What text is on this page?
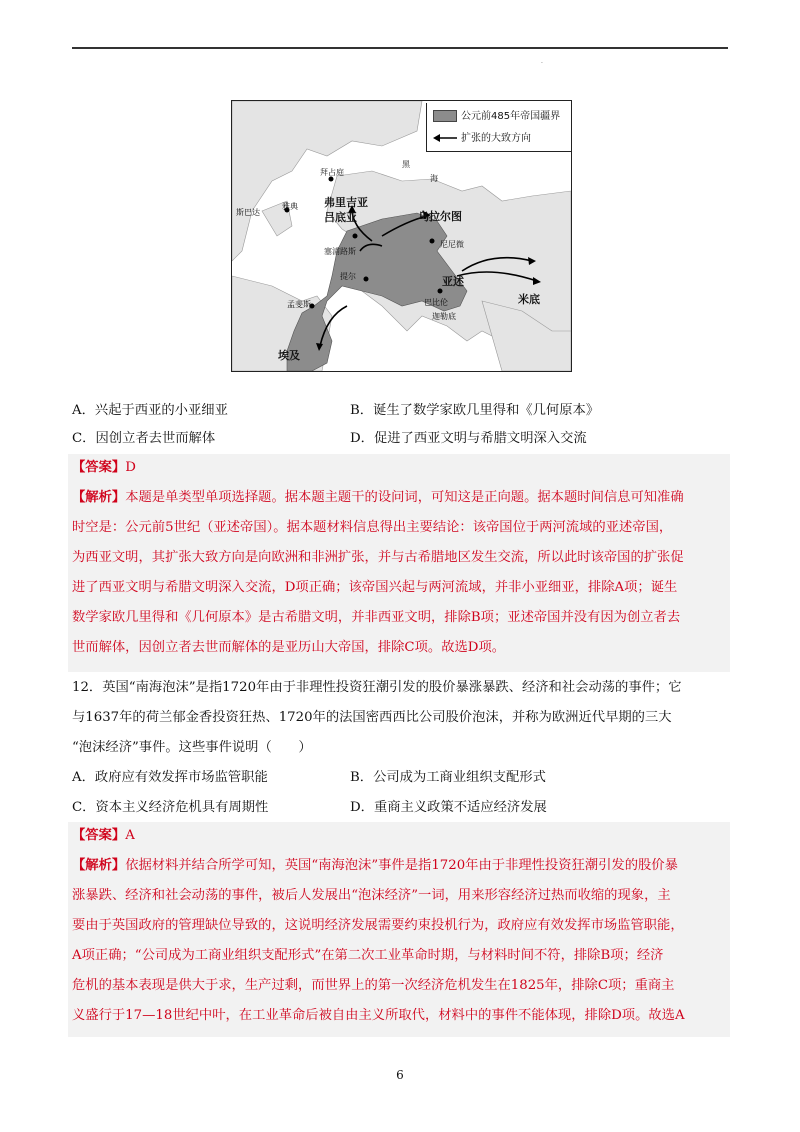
.
公元前485年帝国疆界
扩张的大致方向
黑
海
拜占庭
弗里吉亚
吕底亚	乌拉尔图
雅典
斯巴达
塞浦路斯
尼尼微
提尔	亚述
巴比伦
迦勒底
孟斐斯	米底
埃及
A．兴起于西亚的小亚细亚	B．诞生了数学家欧几里得和《几何原本》
C．因创立者去世而解体	D．促进了西亚文明与希腊文明深入交流
【答案】D
【解析】本题是单类型单项选择题。据本题主题干的设问词，可知这是正向题。据本题时间信息可知准确
时空是：公元前5世纪（亚述帝国）。据本题材料信息得出主要结论：该帝国位于两河流域的亚述帝国，
为西亚文明，其扩张大致方向是向欧洲和非洲扩张，并与古希腊地区发生交流，所以此时该帝国的扩张促
进了西亚文明与希腊文明深入交流，D项正确；该帝国兴起与两河流域，并非小亚细亚，排除A项；诞生
数学家欧几里得和《几何原本》是古希腊文明，并非西亚文明，排除B项；亚述帝国并没有因为创立者去
世而解体，因创立者去世而解体的是亚历山大帝国，排除C项。故选D项。
12．英国“南海泡沫”是指1720年由于非理性投资狂潮引发的股价暴涨暴跌、经济和社会动荡的事件；它
与1637年的荷兰郁金香投资狂热、1720年的法国密西西比公司股价泡沫，并称为欧洲近代早期的三大
“泡沫经济”事件。这些事件说明（　　）
A．政府应有效发挥市场监管职能	B．公司成为工商业组织支配形式
C．资本主义经济危机具有周期性	D．重商主义政策不适应经济发展
【答案】A
【解析】依据材料并结合所学可知，英国“南海泡沫”事件是指1720年由于非理性投资狂潮引发的股价暴
涨暴跌、经济和社会动荡的事件，被后人发展出“泡沫经济”一词，用来形容经济过热而收缩的现象，主
要由于英国政府的管理缺位导致的，这说明经济发展需要约束投机行为，政府应有效发挥市场监管职能，
A项正确；“公司成为工商业组织支配形式”在第二次工业革命时期，与材料时间不符，排除B项；经济
危机的基本表现是供大于求，生产过剩，而世界上的第一次经济危机发生在1825年，排除C项；重商主
义盛行于17—18世纪中叶，在工业革命后被自由主义所取代，材料中的事件不能体现，排除D项。故选A
6
